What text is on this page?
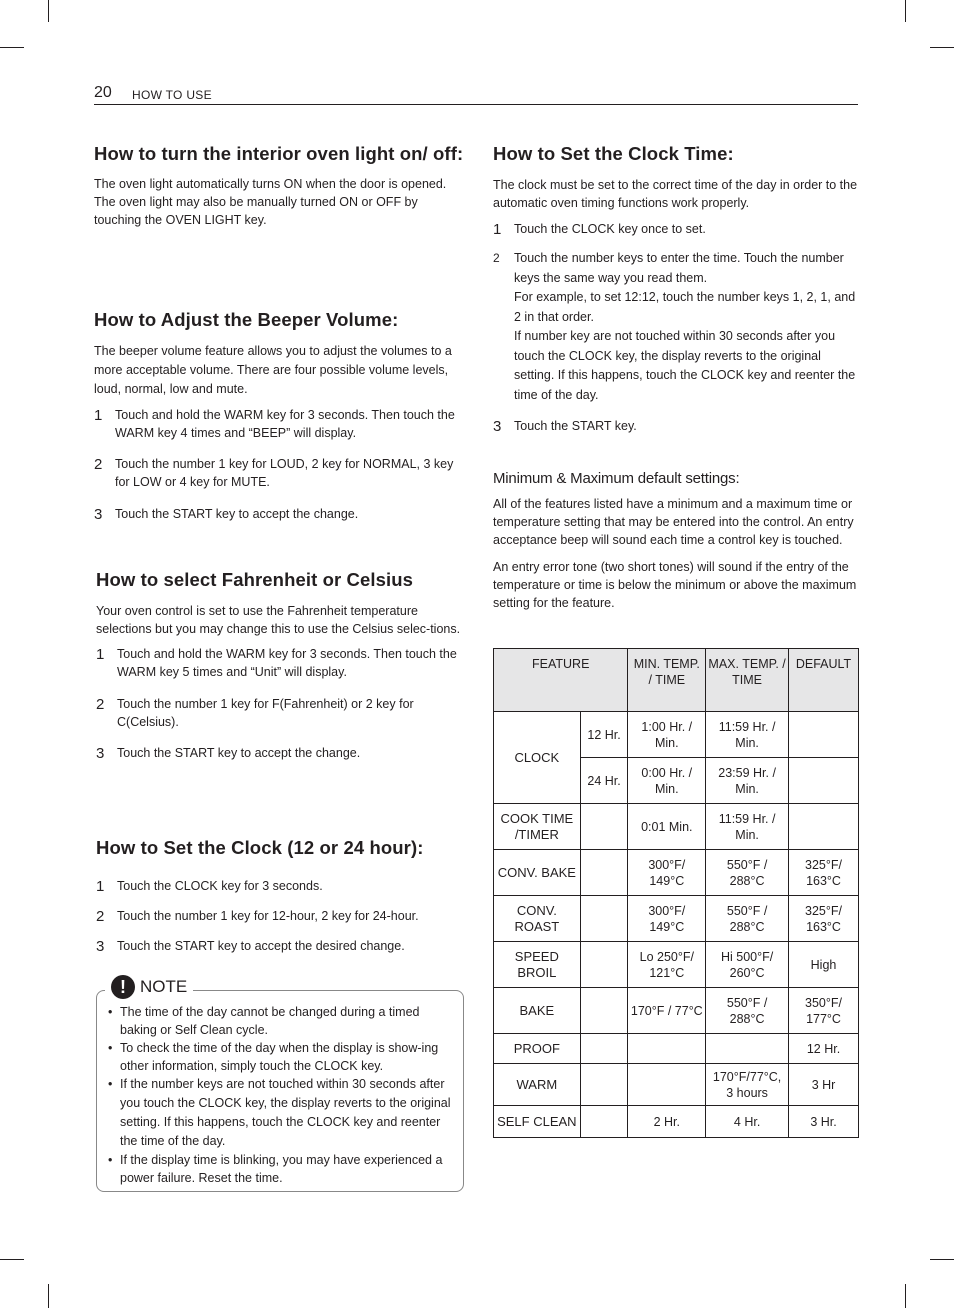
20 HOW TO USE
How to turn the interior oven light on/ off:

The oven light automatically turns ON when the door is opened. The oven light may also be manually turned ON or OFF by touching the OVEN LIGHT key.

How to Adjust the Beeper Volume:

The beeper volume feature allows you to adjust the volumes to a more acceptable volume. There are four possible volume levels, loud, normal, low and mute.

1 Touch and hold the WARM key for 3 seconds. Then touch the WARM key 4 times and “BEEP” will display.
2 Touch the number 1 key for LOUD, 2 key for NORMAL, 3 key for LOW or 4 key for MUTE.
3 Touch the START key to accept the change.
How to select Fahrenheit or Celsius

Your oven control is set to use the Fahrenheit temperature selections but you may change this to use the Celsius selec-tions.

1 Touch and hold the WARM key for 3 seconds. Then touch the WARM key 5 times and “Unit” will display.
2 Touch the number 1 key for F(Fahrenheit) or 2 key for C(Celsius).
3 Touch the START key to accept the change.
How to Set the Clock (12 or 24 hour):
1 Touch the CLOCK key for 3 seconds.
2 Touch the number 1 key for 12-hour, 2 key for 24-hour.
3 Touch the START key to accept the desired change.
! NOTE
• The time of the day cannot be changed during a timed baking or Self Clean cycle.
• To check the time of the day when the display is show-ing other information, simply touch the CLOCK key.
• If the number keys are not touched within 30 seconds after you touch the CLOCK key, the display reverts to the original setting. If this happens, touch the CLOCK key and reenter the time of the day.
• If the display time is blinking, you may have experienced a power failure. Reset the time.
How to Set the Clock Time:

The clock must be set to the correct time of the day in order to the automatic oven timing functions work properly.

1 Touch the CLOCK key once to set.
2 Touch the number keys to enter the time. Touch the number keys the same way you read them.
For example, to set 12:12, touch the number keys 1, 2, 1, and 2 in that order.
If number key are not touched within 30 seconds after you touch the CLOCK key, the display reverts to the original setting. If this happens, touch the CLOCK key and reenter the time of the day.
3 Touch the START key.
Minimum & Maximum default settings:

All of the features listed have a minimum and a maximum time or temperature setting that may be entered into the control. An entry acceptance beep will sound each time a control key is touched.

An entry error tone (two short tones) will sound if the entry of the temperature or time is below the minimum or above the maximum setting for the feature.

FEATURE		MIN. TEMP. / TIME	MAX. TEMP. / TIME	DEFAULT
CLOCK	12 Hr.	1:00 Hr. / Min.	11:59 Hr. / Min.	
	24 Hr.	0:00 Hr. / Min.	23:59 Hr. / Min.	
COOK TIME /TIMER		0:01 Min.	11:59 Hr. / Min.	
CONV. BAKE		300°F/ 149°C	550°F / 288°C	325°F/ 163°C
CONV. ROAST		300°F/ 149°C	550°F / 288°C	325°F/ 163°C
SPEED BROIL		Lo 250°F/ 121°C	Hi 500°F/ 260°C	High
BAKE		170°F / 77°C	550°F / 288°C	350°F/ 177°C
PROOF				12 Hr.
WARM			170°F/77°C, 3 hours	3 Hr
SELF CLEAN		2 Hr.	4 Hr.	3 Hr.
